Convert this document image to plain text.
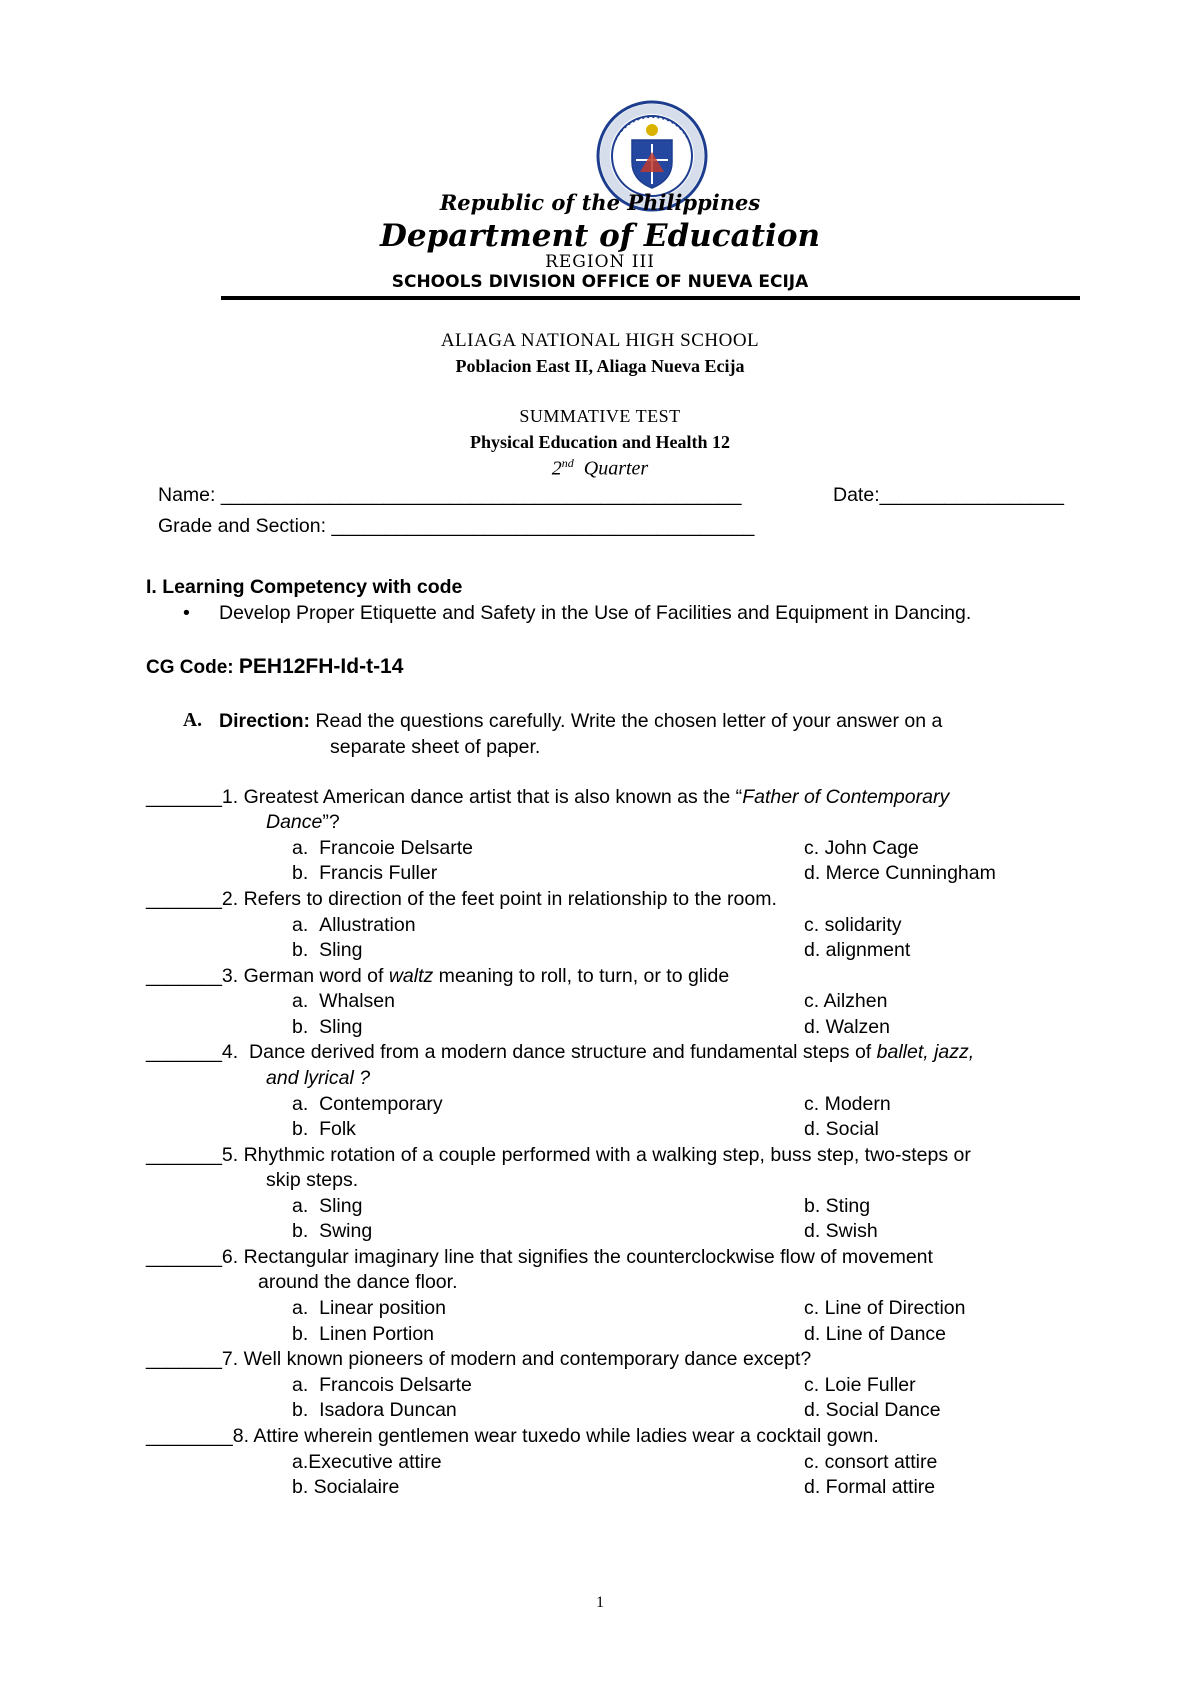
Republic of the Philippines
Department of Education
REGION III
SCHOOLS DIVISION OFFICE OF NUEVA ECIJA
ALIAGA NATIONAL HIGH SCHOOL
Poblacion East II, Aliaga Nueva Ecija
SUMMATIVE TEST
Physical Education and Health 12
2nd Quarter
Name: ________________________________________________	Date:_________________
Grade and Section: _______________________________________
I. Learning Competency with code
• Develop Proper Etiquette and Safety in the Use of Facilities and Equipment in Dancing.
CG Code: PEH12FH-Id-t-14
A. Direction: Read the questions carefully. Write the chosen letter of your answer on a
separate sheet of paper.
_______1. Greatest American dance artist that is also known as the “Father of Contemporary
Dance”?
a.  Francoie Delsarte	c. John Cage
b.  Francis Fuller	d. Merce Cunningham
_______2. Refers to direction of the feet point in relationship to the room.
a.  Allustration	c. solidarity
b.  Sling	d. alignment
_______3. German word of waltz meaning to roll, to turn, or to glide
a.  Whalsen	c. Ailzhen
b.  Sling	d. Walzen
_______4.  Dance derived from a modern dance structure and fundamental steps of ballet, jazz,
and lyrical ?
a.  Contemporary	c. Modern
b.  Folk	d. Social
_______5. Rhythmic rotation of a couple performed with a walking step, buss step, two-steps or
skip steps.
a.  Sling	b. Sting
b.  Swing	d. Swish
_______6. Rectangular imaginary line that signifies the counterclockwise flow of movement
around the dance floor.
a.  Linear position	c. Line of Direction
b.  Linen Portion	d. Line of Dance
_______7. Well known pioneers of modern and contemporary dance except?
a.  Francois Delsarte	c. Loie Fuller
b.  Isadora Duncan	d. Social Dance
________8. Attire wherein gentlemen wear tuxedo while ladies wear a cocktail gown.
a.Executive attire	c. consort attire
b. Socialaire	d. Formal attire
1
